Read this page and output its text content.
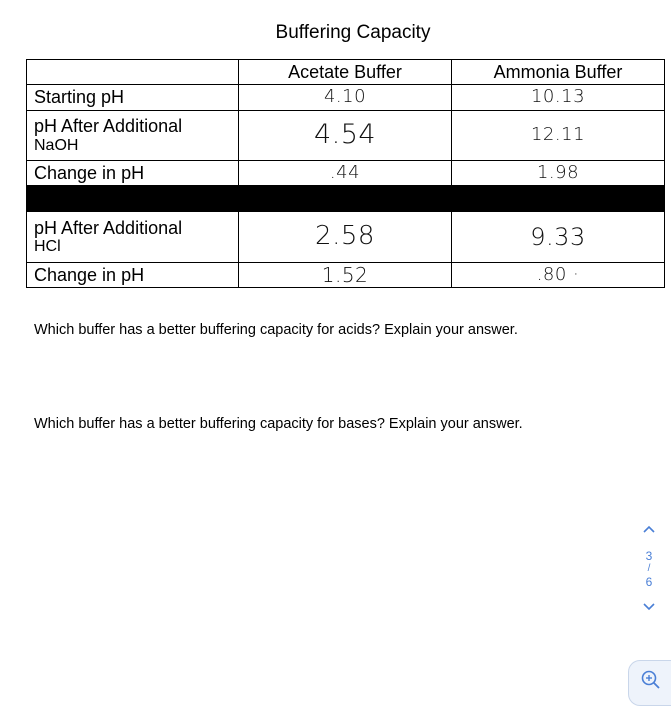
Buffering Capacity
	Acetate Buffer	Ammonia Buffer
Starting pH	4.10	10.13

pH After Additional
NaOH	4.54	12.11
Change in pH	.44	1.98

pH After Additional
HCl	2.58	9.33
Change in pH	1.52	.80 ·
Which buffer has a better buffering capacity for acids? Explain your answer.
Which buffer has a better buffering capacity for bases? Explain your answer.
3
/
6
